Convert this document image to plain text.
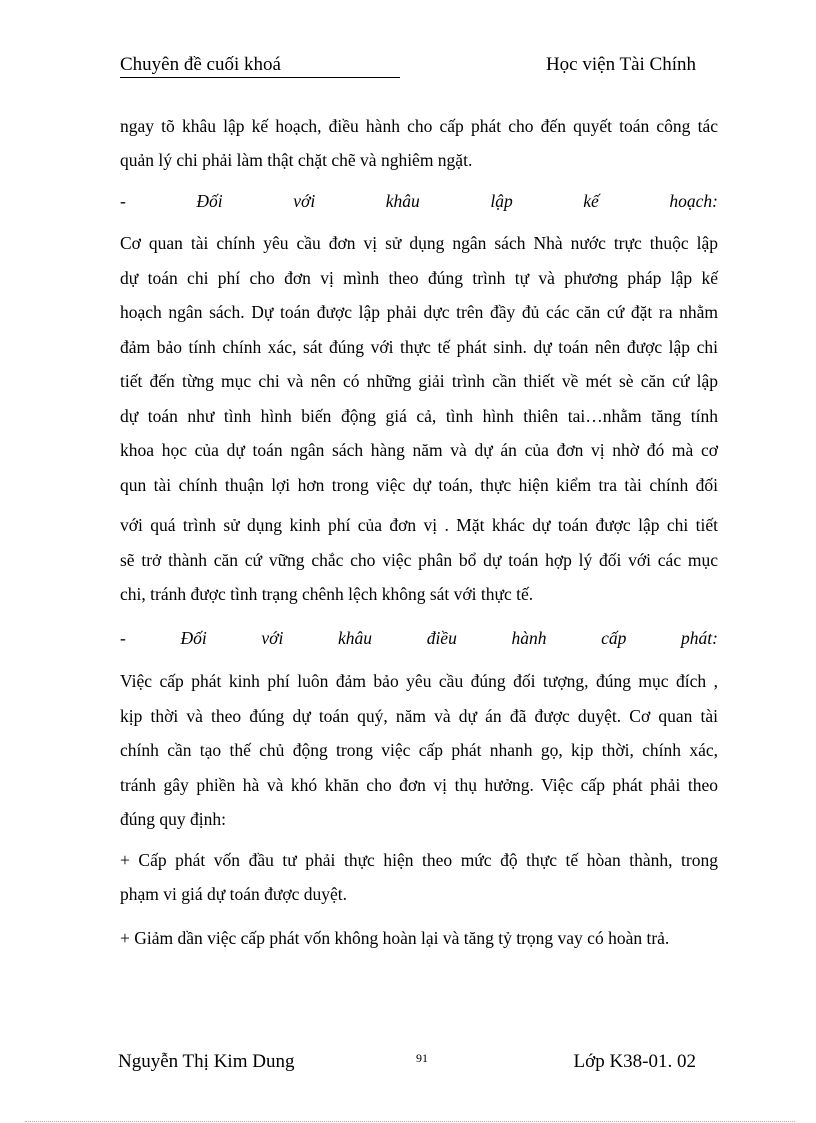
Chuyên đề cuối khoá	Học viện Tài Chính
ngay tõ khâu lập kế hoạch, điều hành cho cấp phát cho đến quyết toán công tác
quản lý chi phải làm thật chặt chẽ và nghiêm ngặt.
- Đối với khâu lập kế hoạch:
Cơ quan tài chính yêu cầu đơn vị sử dụng ngân sách Nhà nước trực thuộc lập
dự toán chi phí cho đơn vị mình theo đúng trình tự và phương pháp lập kế
hoạch ngân sách. Dự toán được lập phải dực trên đầy đủ các căn cứ đặt ra nhằm
đảm bảo tính chính xác, sát đúng với thực tế phát sinh. dự toán nên được lập chi
tiết đến từng mục chi và nên có những giải trình cần thiết về mét sè căn cứ lập
dự toán như tình hình biến động giá cả, tình hình thiên tai…nhằm tăng tính
khoa học của dự toán ngân sách hàng năm và dự án của đơn vị nhờ đó mà cơ
qun tài chính thuận lợi hơn trong việc dự toán, thực hiện kiểm tra tài chính đối
với quá trình sử dụng kinh phí của đơn vị . Mặt khác dự toán được lập chi tiết
sẽ trở thành căn cứ vững chắc cho việc phân bổ dự toán hợp lý đối với các mục
chi, tránh được tình trạng chênh lệch không sát với thực tế.
- Đối với khâu điều hành cấp phát:
Việc cấp phát kinh phí luôn đảm bảo yêu cầu đúng đối tượng, đúng mục đích ,
kịp thời và theo đúng dự toán quý, năm và dự án đã được duyệt. Cơ quan tài
chính cần tạo thế chủ động trong việc cấp phát nhanh gọ, kịp thời, chính xác,
tránh gây phiền hà và khó khăn cho đơn vị thụ hưởng. Việc cấp phát phải theo
đúng quy định:
+ Cấp phát vốn đầu tư phải thực hiện theo mức độ thực tế hòan thành, trong
phạm vi giá dự toán được duyệt.
+ Giảm dần việc cấp phát vốn không hoàn lại và tăng tỷ trọng vay có hoàn trả.
Nguyễn Thị Kim Dung	91	Lớp K38-01. 02
